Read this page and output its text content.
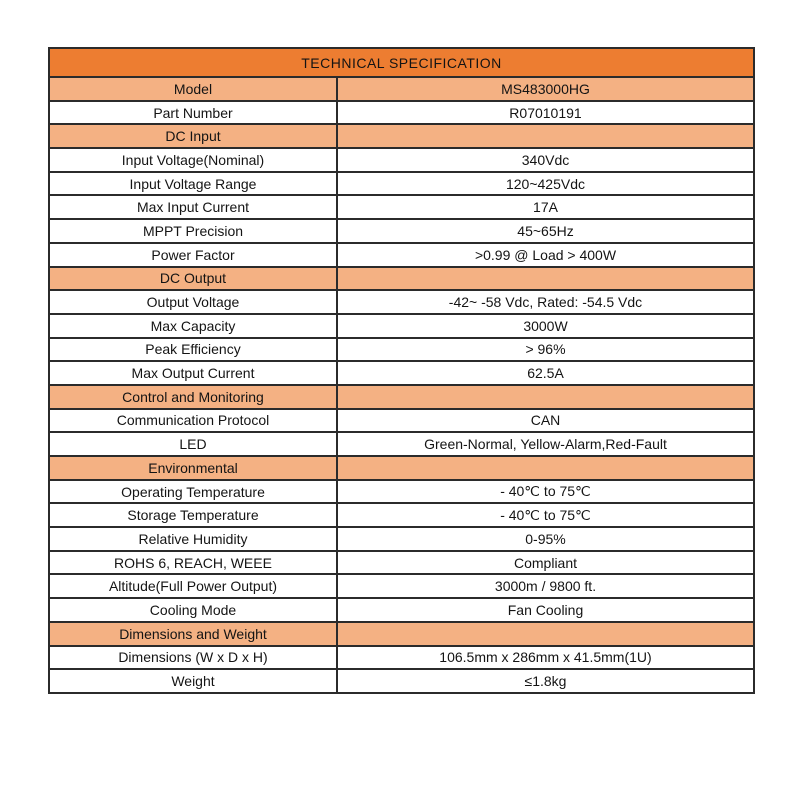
TECHNICAL SPECIFICATION	
Model	MS483000HG
Part Number	R07010191
DC Input	
Input Voltage(Nominal)	340Vdc
Input Voltage Range	120~425Vdc
Max Input Current	17A
MPPT Precision	45~65Hz
Power Factor	>0.99 @ Load > 400W
DC Output	
Output Voltage	-42~ -58 Vdc, Rated: -54.5 Vdc
Max Capacity	3000W
Peak Efficiency	> 96%
Max Output Current	62.5A
Control and Monitoring	
Communication Protocol	CAN
LED	Green-Normal, Yellow-Alarm,Red-Fault
Environmental	
Operating Temperature	- 40℃ to 75℃
Storage Temperature	- 40℃ to 75℃
Relative Humidity	0-95%
ROHS 6, REACH, WEEE	Compliant
Altitude(Full Power Output)	3000m / 9800 ft.
Cooling Mode	Fan Cooling
Dimensions and Weight	
Dimensions (W x D x H)	106.5mm x 286mm x 41.5mm(1U)
Weight	≤1.8kg
